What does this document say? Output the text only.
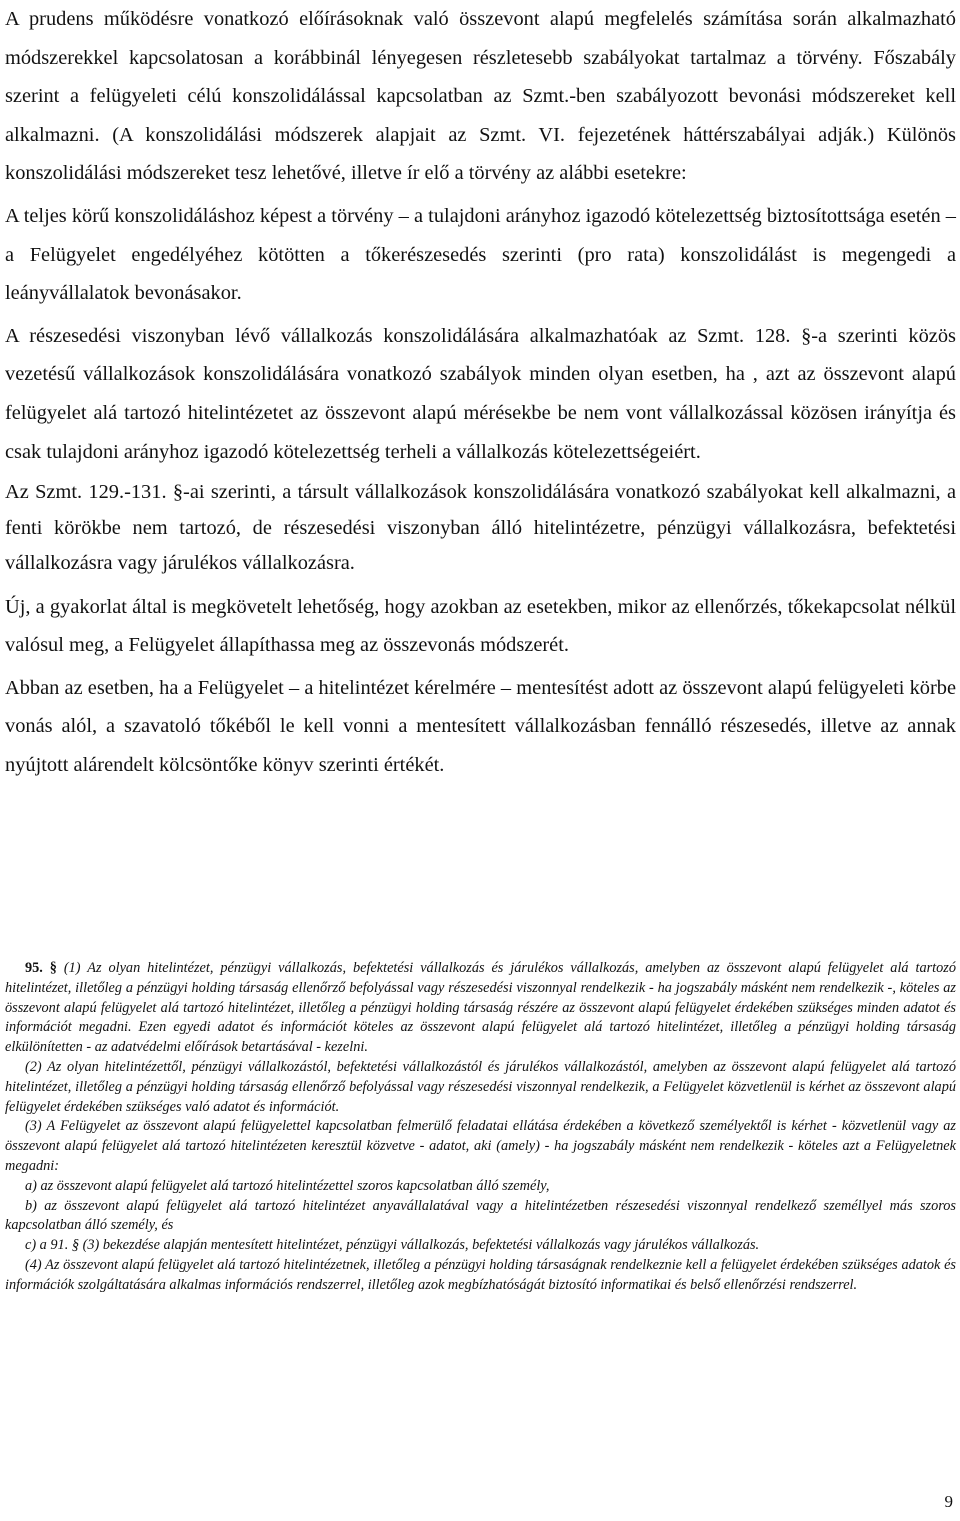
A prudens működésre vonatkozó előírásoknak való összevont alapú megfelelés számítása során alkalmazható módszerekkel kapcsolatosan a korábbinál lényegesen részletesebb szabályokat tartalmaz a törvény. Főszabály szerint a felügyeleti célú konszolidálással kapcsolatban az Szmt.-ben szabályozott bevonási módszereket kell alkalmazni. (A konszolidálási módszerek alapjait az Szmt. VI. fejezetének háttérszabályai adják.) Különös konszolidálási módszereket tesz lehetővé, illetve ír elő a törvény az alábbi esetekre:

A teljes körű konszolidáláshoz képest a törvény ‒ a tulajdoni arányhoz igazodó kötelezettség biztosítottsága esetén ‒ a Felügyelet engedélyéhez kötötten a tőkerészesedés szerinti (pro rata) konszolidálást is megengedi a leányvállalatok bevonásakor.

A részesedési viszonyban lévő vállalkozás konszolidálására alkalmazhatóak az Szmt. 128. §-a szerinti közös vezetésű vállalkozások konszolidálására vonatkozó szabályok minden olyan esetben, ha , azt az összevont alapú felügyelet alá tartozó hitelintézetet az összevont alapú mérésekbe be nem vont vállalkozással közösen irányítja és csak tulajdoni arányhoz igazodó kötelezettség terheli a vállalkozás kötelezettségeiért.

Az Szmt. 129.-131. §-ai szerinti, a társult vállalkozások konszolidálására vonatkozó szabályokat kell alkalmazni, a fenti körökbe nem tartozó, de részesedési viszonyban álló hitelintézetre, pénzügyi vállalkozásra, befektetési vállalkozásra vagy járulékos vállalkozásra.

Új, a gyakorlat által is megkövetelt lehetőség, hogy azokban az esetekben, mikor az ellenőrzés, tőkekapcsolat nélkül valósul meg, a Felügyelet állapíthassa meg az összevonás módszerét.

Abban az esetben, ha a Felügyelet ‒ a hitelintézet kérelmére ‒ mentesítést adott az összevont alapú felügyeleti körbe vonás alól, a szavatoló tőkéből le kell vonni a mentesített vállalkozásban fennálló részesedés, illetve az annak nyújtott alárendelt kölcsöntőke könyv szerinti értékét.

95. § (1) Az olyan hitelintézet, pénzügyi vállalkozás, befektetési vállalkozás és járulékos vállalkozás, amelyben az összevont alapú felügyelet alá tartozó hitelintézet, illetőleg a pénzügyi holding társaság ellenőrző befolyással vagy részesedési viszonnyal rendelkezik - ha jogszabály másként nem rendelkezik -, köteles az összevont alapú felügyelet alá tartozó hitelintézet, illetőleg a pénzügyi holding társaság részére az összevont alapú felügyelet érdekében szükséges minden adatot és információt megadni. Ezen egyedi adatot és információt köteles az összevont alapú felügyelet alá tartozó hitelintézet, illetőleg a pénzügyi holding társaság elkülönítetten - az adatvédelmi előírások betartásával - kezelni.

(2) Az olyan hitelintézettől, pénzügyi vállalkozástól, befektetési vállalkozástól és járulékos vállalkozástól, amelyben az összevont alapú felügyelet alá tartozó hitelintézet, illetőleg a pénzügyi holding társaság ellenőrző befolyással vagy részesedési viszonnyal rendelkezik, a Felügyelet közvetlenül is kérhet az összevont alapú felügyelet érdekében szükséges való adatot és információt.

(3) A Felügyelet az összevont alapú felügyelettel kapcsolatban felmerülő feladatai ellátása érdekében a következő személyektől is kérhet - közvetlenül vagy az összevont alapú felügyelet alá tartozó hitelintézeten keresztül közvetve - adatot, aki (amely) - ha jogszabály másként nem rendelkezik - köteles azt a Felügyeletnek megadni:

a) az összevont alapú felügyelet alá tartozó hitelintézettel szoros kapcsolatban álló személy,

b) az összevont alapú felügyelet alá tartozó hitelintézet anyavállalatával vagy a hitelintézetben részesedési viszonnyal rendelkező személlyel más szoros kapcsolatban álló személy, és

c) a 91. § (3) bekezdése alapján mentesített hitelintézet, pénzügyi vállalkozás, befektetési vállalkozás vagy járulékos vállalkozás.

(4) Az összevont alapú felügyelet alá tartozó hitelintézetnek, illetőleg a pénzügyi holding társaságnak rendelkeznie kell a felügyelet érdekében szükséges adatok és információk szolgáltatására alkalmas információs rendszerrel, illetőleg azok megbízhatóságát biztosító informatikai és belső ellenőrzési rendszerrel.

9
